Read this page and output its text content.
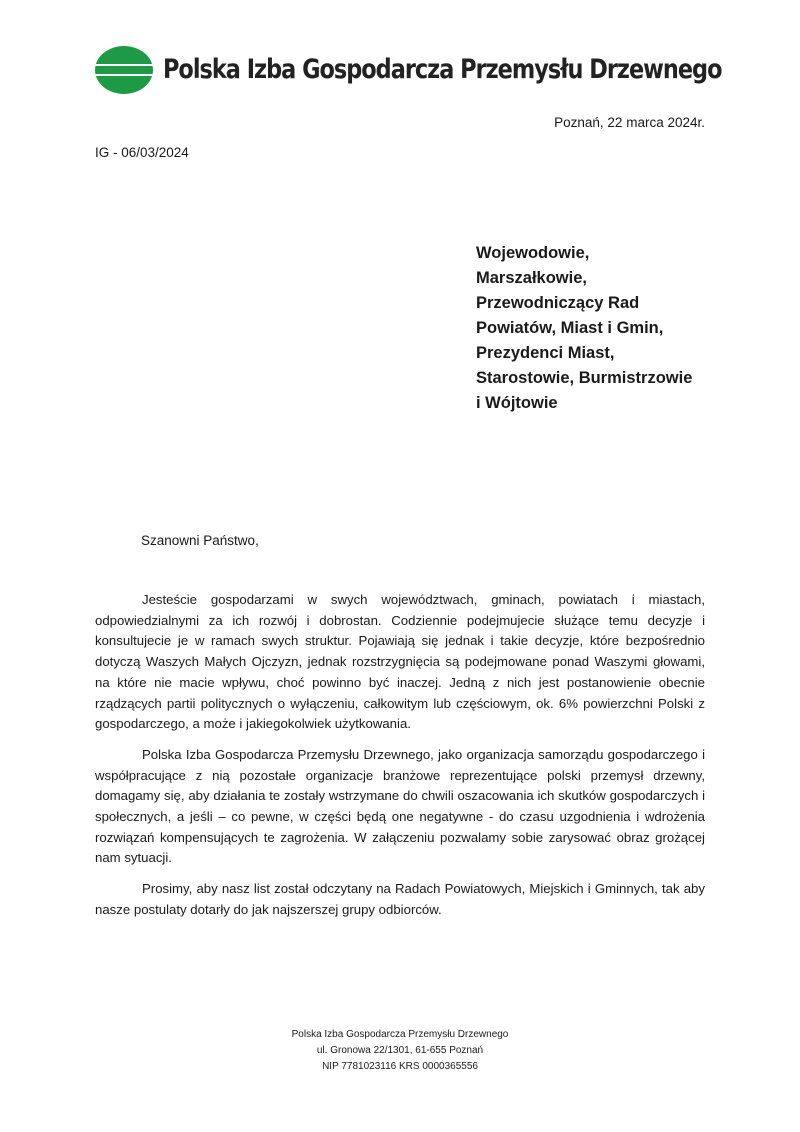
Polska Izba Gospodarcza Przemysłu Drzewnego
Poznań, 22 marca 2024r.
IG - 06/03/2024
Wojewodowie,
Marszałkowie,
Przewodniczący Rad
Powiatów, Miast i Gmin,
Prezydenci Miast,
Starostowie, Burmistrzowie
i Wójtowie
Szanowni Państwo,

Jesteście gospodarzami w swych województwach, gminach, powiatach i miastach, odpowiedzialnymi za ich rozwój i dobrostan. Codziennie podejmujecie służące temu decyzje i konsultujecie je w ramach swych struktur. Pojawiają się jednak i takie decyzje, które bezpośrednio dotyczą Waszych Małych Ojczyzn, jednak rozstrzygnięcia są podejmowane ponad Waszymi głowami, na które nie macie wpływu, choć powinno być inaczej. Jedną z nich jest postanowienie obecnie rządzących partii politycznych o wyłączeniu, całkowitym lub częściowym, ok. 6% powierzchni Polski z gospodarczego, a może i jakiegokolwiek użytkowania.

Polska Izba Gospodarcza Przemysłu Drzewnego, jako organizacja samorządu gospodarczego i współpracujące z nią pozostałe organizacje branżowe reprezentujące polski przemysł drzewny, domagamy się, aby działania te zostały wstrzymane do chwili oszacowania ich skutków gospodarczych i społecznych, a jeśli – co pewne, w części będą one negatywne - do czasu uzgodnienia i wdrożenia rozwiązań kompensujących te zagrożenia. W załączeniu pozwalamy sobie zarysować obraz grożącej nam sytuacji.

Prosimy, aby nasz list został odczytany na Radach Powiatowych, Miejskich i Gminnych, tak aby nasze postulaty dotarły do jak najszerszej grupy odbiorców.

Polska Izba Gospodarcza Przemysłu Drzewnego
ul. Gronowa 22/1301, 61-655 Poznań
NIP 7781023116 KRS 0000365556
